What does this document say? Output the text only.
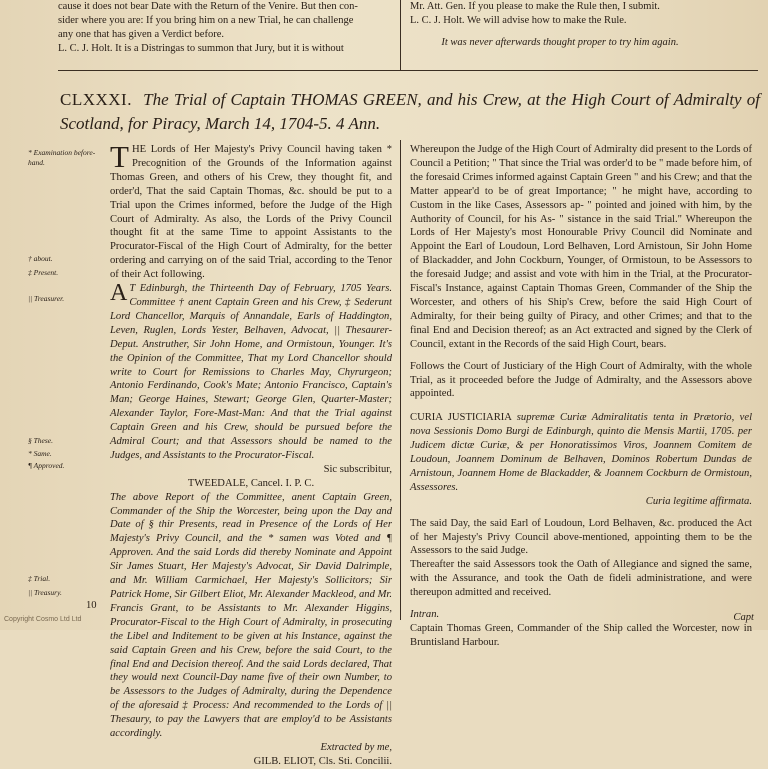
cause it does not bear Date with the Return of the Venire. But then con-

sider where you are: If you bring him on a new Trial, he can challenge

any one that has given a Verdict before.

L. C. J. Holt. It is a Distringas to summon that Jury, but it is without

Mr. Att. Gen. If you please to make the Rule then, I submit.

L. C. J. Holt. We will advise how to make the Rule.

It was never afterwards thought proper to try him again.

CLXXXI. The Trial of Captain THOMAS GREEN, and his Crew, at the High Court of Admiralty of Scotland, for Piracy, March 14, 1704-5. 4 Ann.
* Examination before-hand.
† about.
‡ Present.
|| Treasurer.
§ These.
* Same.
¶ Approved.
‡ Trial.
|| Treasury.

THE Lords of Her Majesty's Privy Council having taken * Precognition of the Grounds of the Information against Thomas Green, and others of his Crew, they thought fit, and order'd, That the said Captain Thomas, &c. should be put to a Trial upon the Crimes informed, before the Judge of the High Court of Admiralty. As also, the Lords of the Privy Council thought fit at the same Time to appoint Assistants to the Procurator-Fiscal of the High Court of Admiralty, for the better ordering and carrying on of the said Trial, according to the Tenor of their Act following.

A T Edinburgh, the Thirteenth Day of February, 1705 Years. Committee † anent Captain Green and his Crew, ‡ Sederunt Lord Chancellor, Marquis of Annandale, Earls of Haddington, Leven, Ruglen, Lords Yester, Belhaven, Advocat, || Thesaurer-Deput. Anstruther, Sir John Home, and Ormistoun, Younger. It's the Opinion of the Committee, That my Lord Chancellor should write to Court for Remissions to Charles May, Chyrurgeon; Antonio Ferdinando, Cook's Mate; Antonio Francisco, Captain's Man; George Haines, Stewart; George Glen, Quarter-Master; Alexander Taylor, Fore-Mast-Man: And that the Trial against Captain Green and his Crew, should be pursued before the Admiral Court; and that Assessors should be named to the Judges, and Assistants to the Procurator-Fiscal.

Sic subscribitur,

TWEEDALE, Cancel. I. P. C.

The above Report of the Committee, anent Captain Green, Commander of the Ship the Worcester, being upon the Day and Date of § thir Presents, read in Presence of the Lords of Her Majesty's Privy Council, and the * samen was Voted and ¶ Approven. And the said Lords did thereby Nominate and Appoint Sir James Stuart, Her Majesty's Advocat, Sir David Dalrimple, and Mr. William Carmichael, Her Majesty's Sollicitors; Sir Patrick Home, Sir Gilbert Eliot, Mr. Alexander Mackleod, and Mr. Francis Grant, to be Assistants to Mr. Alexander Higgins, Procurator-Fiscal to the High Court of Admiralty, in prosecuting the Libel and Inditement to be given at his Instance, against the said Captain Green and his Crew, before the said Court, to the final End and Decision thereof. And the said Lords declared, That they would next Council-Day name five of their own Number, to be Assessors to the Judges of Admiralty, during the Dependence of the aforesaid ‡ Process: And recommended to the Lords of || Thesaury, to pay the Lawyers that are employ'd to be Assistants accordingly.

Extracted by me,

GILB. ELIOT, Cls. Sti. Concilii.

10

Whereupon the Judge of the High Court of Admiralty did present to the Lords of Council a Petition; " That since the Trial was order'd to be " made before him, of the foresaid Crimes informed against Captain Green " and his Crew; and that the Matter appear'd to be of great Importance; " he might have, according to Custom in the like Cases, Assessors ap- " pointed and joined with him, by the Authority of Council, for his As- " sistance in the said Trial." Whereupon the Lords of Her Majesty's most Honourable Privy Council did Nominate and Appoint the Earl of Loudoun, Lord Belhaven, Lord Arnistoun, Sir John Home of Blackadder, and John Cockburn, Younger, of Ormistoun, to be Assessors to the foresaid Judge; and assist and vote with him in the Trial, at the Procurator-Fiscal's Instance, against Captain Thomas Green, Commander of the Ship the Worcester, and others of his Ship's Crew, before the said High Court of Admiralty, for their being guilty of Piracy, and other Crimes; and that to the final End and Decision thereof; as an Act extracted and signed by the Clerk of Council, extant in the Records of the said High Court, bears.

Follows the Court of Justiciary of the High Court of Admiralty, with the whole Trial, as it proceeded before the Judge of Admiralty, and the Assessors above appointed.

CURIA JUSTICIARIA supremæ Curiæ Admiralitatis tenta in Prætorio, vel nova Sessionis Domo Burgi de Edinburgh, quinto die Mensis Martii, 1705. per Judicem dictæ Curiæ, & per Honoratissimos Viros, Joannem Comitem de Loudoun, Joannem Dominum de Belhaven, Dominos Robertum Dundas de Arnistoun, Joannem Home de Blackadder, & Joannem Cockburn de Ormistoun, Assessores.

Curia legitime affirmata.

The said Day, the said Earl of Loudoun, Lord Belhaven, &c. produced the Act of her Majesty's Privy Council above-mentioned, appointing them to be the Assessors to the said Judge.

Thereafter the said Assessors took the Oath of Allegiance and signed the same, with the Assurance, and took the Oath de fideli administratione, and were thereupon admitted and received.

Intran.

Captain Thomas Green, Commander of the Ship called the Worcester, now in Bruntisland Harbour.

Capt
Copyright Cosmo Ltd Ltd
